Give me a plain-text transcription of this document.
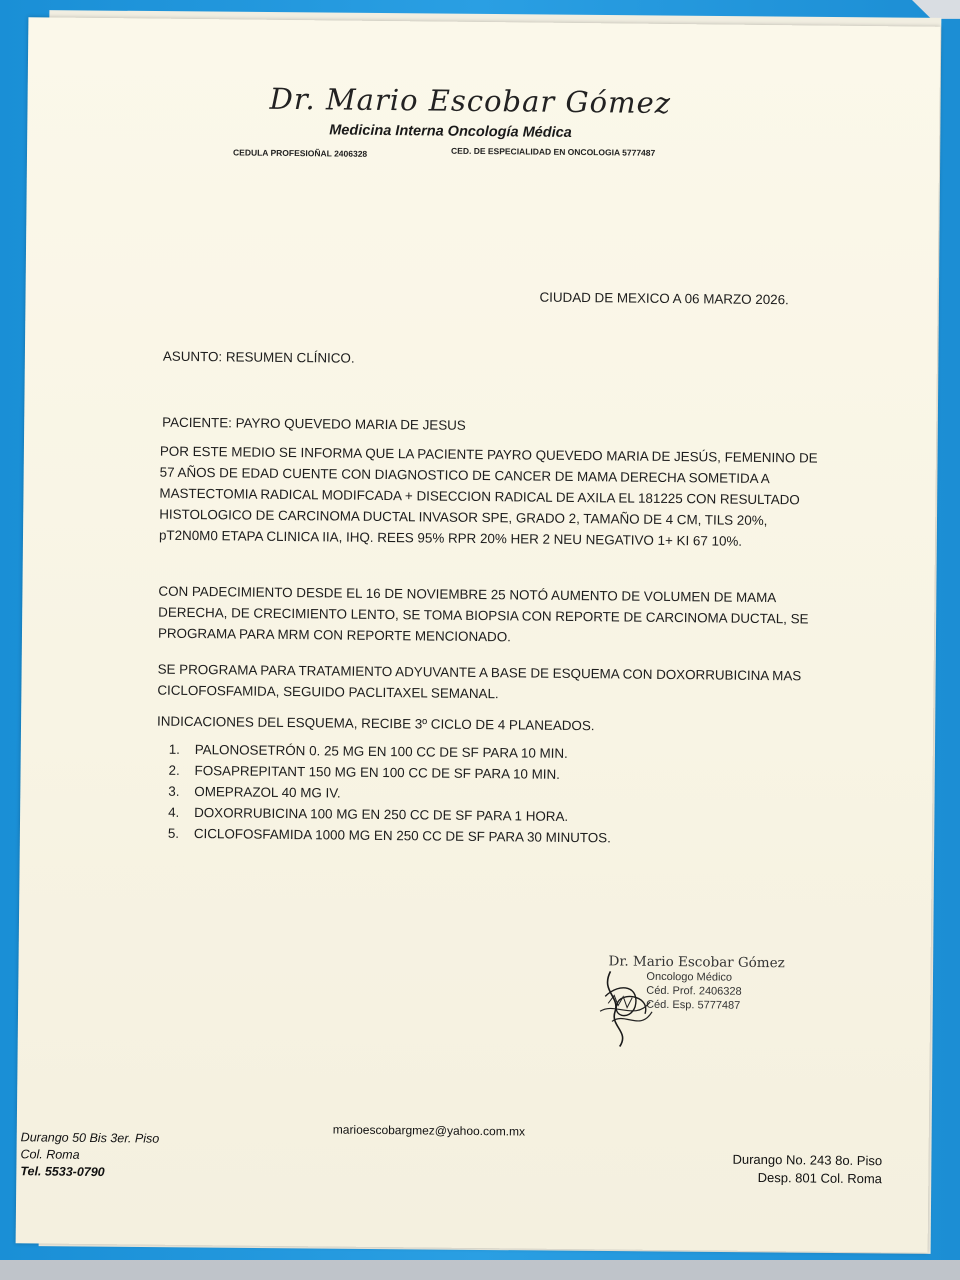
Dr. Mario Escobar Gómez
Medicina Interna Oncología Médica
CEDULA PROFESIOÑAL 2406328	CED. DE ESPECIALIDAD EN ONCOLOGIA 5777487
CIUDAD DE MEXICO A 06 MARZO 2026.
ASUNTO: RESUMEN CLÍNICO.
PACIENTE: PAYRO QUEVEDO MARIA DE JESUS
POR ESTE MEDIO SE INFORMA QUE LA PACIENTE PAYRO QUEVEDO MARIA DE JESÚS, FEMENINO DE 57 AÑOS DE EDAD CUENTE CON DIAGNOSTICO DE CANCER DE MAMA DERECHA SOMETIDA A MASTECTOMIA RADICAL MODIFCADA + DISECCION RADICAL DE AXILA EL 181225 CON RESULTADO HISTOLOGICO DE CARCINOMA DUCTAL INVASOR SPE, GRADO 2, TAMAÑO DE 4 CM, TILS 20%, pT2N0M0 ETAPA CLINICA IIA, IHQ. REES 95% RPR 20% HER 2 NEU NEGATIVO 1+ KI 67 10%.
CON PADECIMIENTO DESDE EL 16 DE NOVIEMBRE 25 NOTÓ AUMENTO DE VOLUMEN DE MAMA DERECHA, DE CRECIMIENTO LENTO, SE TOMA BIOPSIA CON REPORTE DE CARCINOMA DUCTAL, SE PROGRAMA PARA MRM CON REPORTE MENCIONADO.
SE PROGRAMA PARA TRATAMIENTO ADYUVANTE A BASE DE ESQUEMA CON DOXORRUBICINA MAS CICLOFOSFAMIDA, SEGUIDO PACLITAXEL SEMANAL.
INDICACIONES DEL ESQUEMA, RECIBE 3º CICLO DE 4 PLANEADOS.
1. PALONOSETRÓN 0. 25 MG EN 100 CC DE SF PARA 10 MIN.
2. FOSAPREPITANT 150 MG EN 100 CC DE SF PARA 10 MIN.
3. OMEPRAZOL 40 MG IV.
4. DOXORRUBICINA 100 MG EN 250 CC DE SF PARA 1 HORA.
5. CICLOFOSFAMIDA 1000 MG EN 250 CC DE SF PARA 30 MINUTOS.
Dr. Mario Escobar Gómez
Oncologo Médico
Céd. Prof. 2406328
Céd. Esp. 5777487
marioescobargmez@yahoo.com.mx
Durango 50 Bis 3er. Piso
Col. Roma
Tel. 5533-0790
Durango No. 243 8o. Piso
Desp. 801 Col. Roma
